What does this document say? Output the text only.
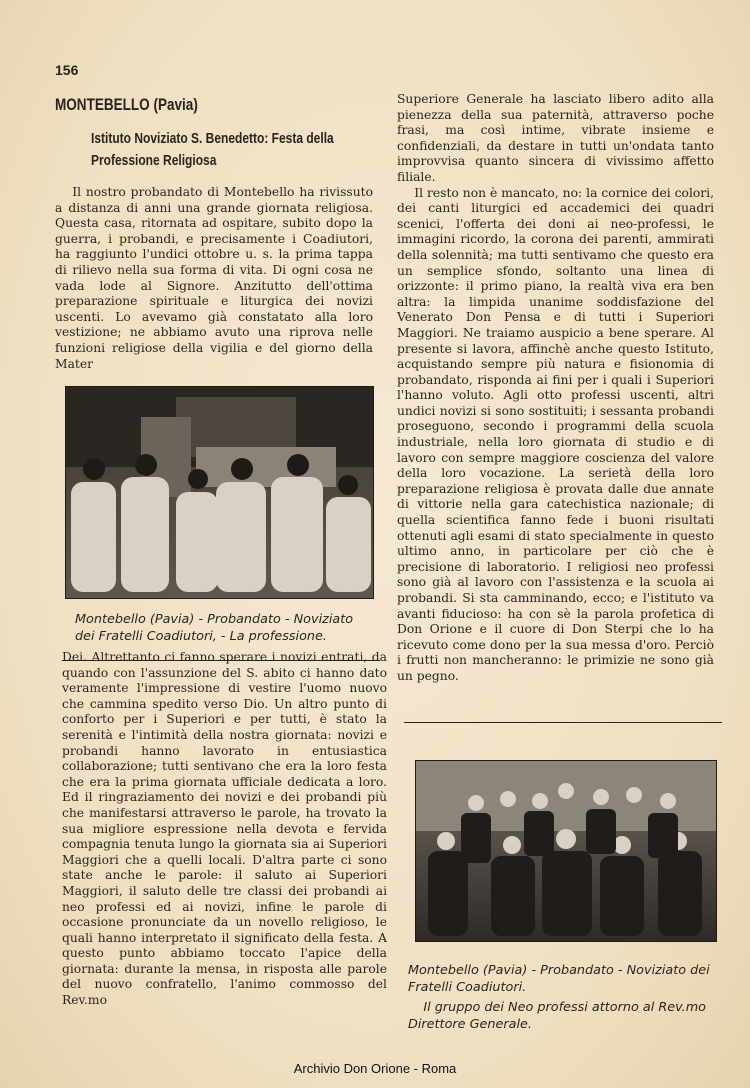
156
MONTEBELLO (Pavia)
Istituto Noviziato S. Benedetto: Festa della Professione Religiosa

Il nostro probandato di Montebello ha rivissuto a distanza di anni una grande giornata religiosa. Questa casa, ritornata ad ospitare, subito dopo la guerra, i probandi, e precisamente i Coadiutori, ha raggiunto l'undici ottobre u. s. la prima tappa di rilievo nella sua forma di vita. Di ogni cosa ne vada lode al Signore. Anzitutto dell'ottima preparazione spirituale e liturgica dei novizi uscenti. Lo avevamo già constatato alla loro vestizione; ne abbiamo avuto una riprova nelle funzioni religiose della vigilia e del giorno della Mater

Montebello (Pavia) - Probandato - Noviziato dei Fratelli Coadiutori, - La professione.

Dei. Altrettanto ci fanno sperare i novizi entrati, da quando con l'assunzione del S. abito ci hanno dato veramente l'impressione di vestire l'uomo nuovo che cammina spedito verso Dio. Un altro punto di conforto per i Superiori e per tutti, è stato la serenità e l'intimità della nostra giornata: novizi e probandi hanno lavorato in entusiastica collaborazione; tutti sentivano che era la loro festa che era la prima giornata ufficiale dedicata a loro. Ed il ringraziamento dei novizi e dei probandi più che manifestarsi attraverso le parole, ha trovato la sua migliore espressione nella devota e fervida compagnia tenuta lungo la giornata sia ai Superiori Maggiori che a quelli locali. D'altra parte ci sono state anche le parole: il saluto ai Superiori Maggiori, il saluto delle tre classi dei probandi ai neo professi ed ai novizi, infine le parole di occasione pronunciate da un novello religioso, le quali hanno interpretato il significato della festa. A questo punto abbiamo toccato l'apice della giornata: durante la mensa, in risposta alle parole del nuovo confratello, l'animo commosso del Rev.mo

Superiore Generale ha lasciato libero adito alla pienezza della sua paternità, attraverso poche frasi, ma così intime, vibrate insieme e confidenziali, da destare in tutti un'ondata tanto improvvisa quanto sincera di vivissimo affetto filiale.

Il resto non è mancato, no: la cornice dei colori, dei canti liturgici ed accademici dei quadri scenici, l'offerta dei doni ai neo-professi, le immagini ricordo, la corona dei parenti, ammirati della solennità; ma tutti sentivamo che questo era un semplice sfondo, soltanto una linea di orizzonte: il primo piano, la realtà viva era ben altra: la limpida unanime soddisfazione del Venerato Don Pensa e di tutti i Superiori Maggiori. Ne traiamo auspicio a bene sperare. Al presente si lavora, affinchè anche questo Istituto, acquistando sempre più natura e fisionomia di probandato, risponda ai fini per i quali i Superiori l'hanno voluto. Agli otto professi uscenti, altri undici novizi si sono sostituiti; i sessanta probandi proseguono, secondo i programmi della scuola industriale, nella loro giornata di studio e di lavoro con sempre maggiore coscienza del valore della loro vocazione. La serietà della loro preparazione religiosa è provata dalle due annate di vittorie nella gara catechistica nazionale; di quella scientifica fanno fede i buoni risultati ottenuti agli esami di stato specialmente in questo ultimo anno, in particolare per ciò che è precisione di laboratorio. I religiosi neo professi sono già al lavoro con l'assistenza e la scuola ai probandi. Si sta camminando, ecco; e l'istituto va avanti fiducioso: ha con sè la parola profetica di Don Orione e il cuore di Don Sterpi che lo ha ricevuto come dono per la sua messa d'oro. Perciò i frutti non mancheranno: le primizie ne sono già un pegno.

Montebello (Pavia) - Probandato - Noviziato dei Fratelli Coadiutori.
Il gruppo dei Neo professi attorno al Rev.mo Direttore Generale.
Archivio Don Orione - Roma
